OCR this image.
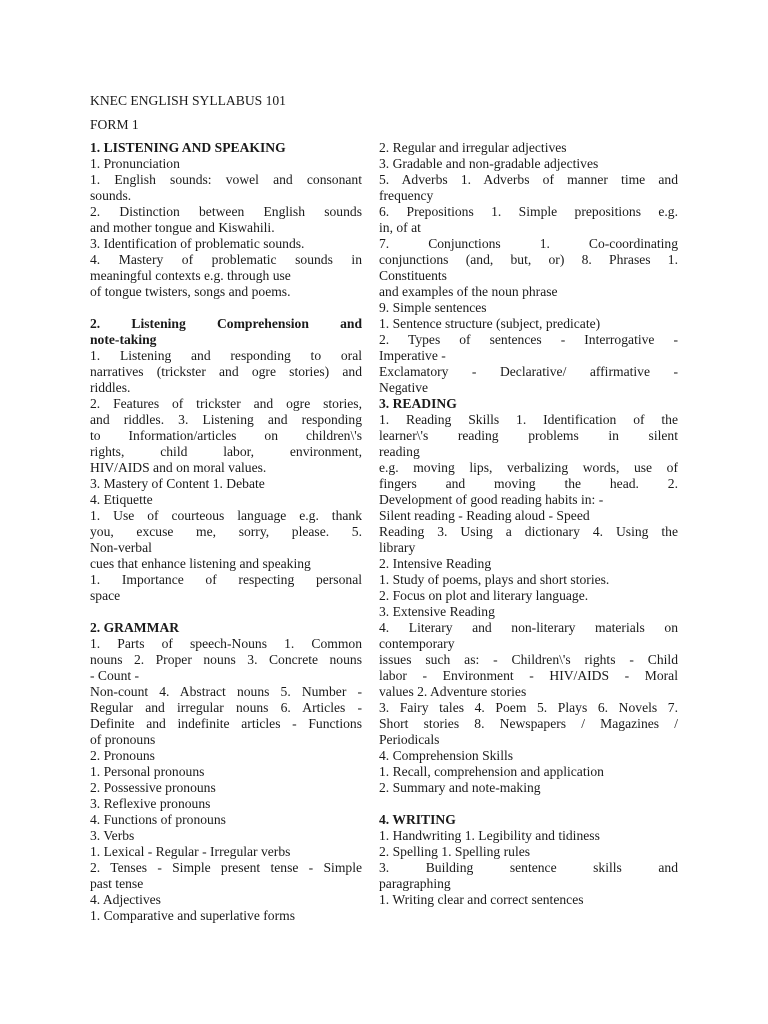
KNEC ENGLISH SYLLABUS 101
FORM 1
1. LISTENING AND SPEAKING
1. Pronunciation
1. English sounds: vowel and consonant
sounds.
2. Distinction between English sounds
and mother tongue and Kiswahili.
3. Identification of problematic sounds.
4. Mastery of problematic sounds in
meaningful contexts e.g. through use
of tongue twisters, songs and poems.
2. Listening Comprehension and
note-taking
1. Listening and responding to oral
narratives (trickster and ogre stories) and
riddles.
2. Features of trickster and ogre stories,
and riddles. 3. Listening and responding
to Information/articles on children\'s
rights, child labor, environment,
HIV/AIDS and on moral values.
3. Mastery of Content 1. Debate
4. Etiquette
1. Use of courteous language e.g. thank
you, excuse me, sorry, please. 5.
Non-verbal
cues that enhance listening and speaking
1. Importance of respecting personal
space
2. GRAMMAR
1. Parts of speech-Nouns 1. Common
nouns 2. Proper nouns 3. Concrete nouns
- Count -
Non-count 4. Abstract nouns 5. Number -
Regular and irregular nouns 6. Articles -
Definite and indefinite articles - Functions
of pronouns
2. Pronouns
1. Personal pronouns
2. Possessive pronouns
3. Reflexive pronouns
4. Functions of pronouns
3. Verbs
1. Lexical - Regular - Irregular verbs
2. Tenses - Simple present tense - Simple
past tense
4. Adjectives
1. Comparative and superlative forms
2. Regular and irregular adjectives
3. Gradable and non-gradable adjectives
5. Adverbs 1. Adverbs of manner time and
frequency
6. Prepositions 1. Simple prepositions e.g.
in, of at
7. Conjunctions 1. Co-coordinating
conjunctions (and, but, or) 8. Phrases 1.
Constituents
and examples of the noun phrase
9. Simple sentences
1. Sentence structure (subject, predicate)
2. Types of sentences - Interrogative -
Imperative -
Exclamatory - Declarative/ affirmative -
Negative
3. READING
1. Reading Skills 1. Identification of the
learner\'s reading problems in silent
reading
e.g. moving lips, verbalizing words, use of
fingers and moving the head. 2.
Development of good reading habits in: -
Silent reading - Reading aloud - Speed
Reading 3. Using a dictionary 4. Using the
library
2. Intensive Reading
1. Study of poems, plays and short stories.
2. Focus on plot and literary language.
3. Extensive Reading
4. Literary and non-literary materials on
contemporary
issues such as: - Children\'s rights - Child
labor - Environment - HIV/AIDS - Moral
values 2. Adventure stories
3. Fairy tales 4. Poem 5. Plays 6. Novels 7.
Short stories 8. Newspapers / Magazines /
Periodicals
4. Comprehension Skills
1. Recall, comprehension and application
2. Summary and note-making
4. WRITING
1. Handwriting 1. Legibility and tidiness
2. Spelling 1. Spelling rules
3. Building sentence skills and
paragraphing
1. Writing clear and correct sentences
